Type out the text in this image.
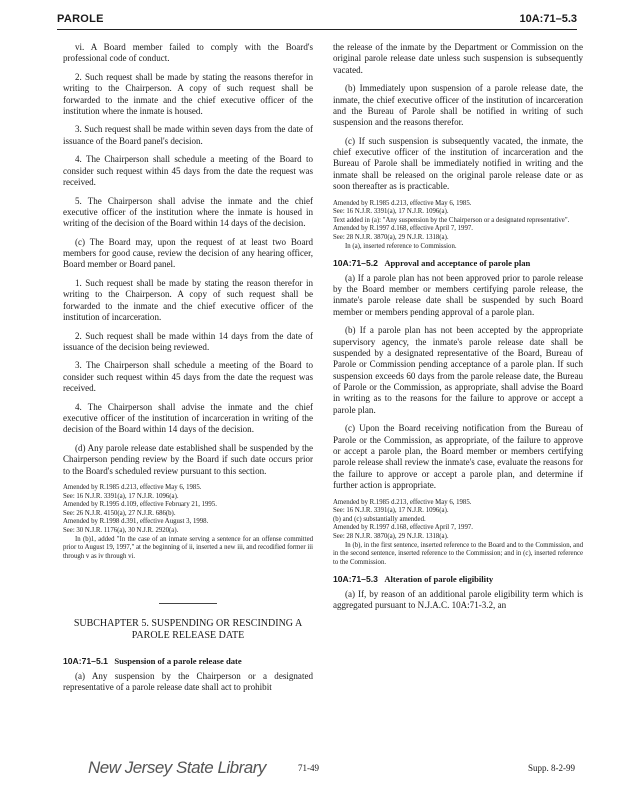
PAROLE	10A:71–5.3

vi. A Board member failed to comply with the Board's professional code of conduct.

2. Such request shall be made by stating the reasons therefor in writing to the Chairperson. A copy of such request shall be forwarded to the inmate and the chief executive officer of the institution where the inmate is housed.

3. Such request shall be made within seven days from the date of issuance of the Board panel's decision.

4. The Chairperson shall schedule a meeting of the Board to consider such request within 45 days from the date the request was received.

5. The Chairperson shall advise the inmate and the chief executive officer of the institution where the inmate is housed in writing of the decision of the Board within 14 days of the decision.

(c) The Board may, upon the request of at least two Board members for good cause, review the decision of any hearing officer, Board member or Board panel.

1. Such request shall be made by stating the reason therefor in writing to the Chairperson. A copy of such request shall be forwarded to the inmate and the chief executive officer of the institution of incarceration.

2. Such request shall be made within 14 days from the date of issuance of the decision being reviewed.

3. The Chairperson shall schedule a meeting of the Board to consider such request within 45 days from the date the request was received.

4. The Chairperson shall advise the inmate and the chief executive officer of the institution of incarceration in writing of the decision of the Board within 14 days of the decision.

(d) Any parole release date established shall be suspended by the Chairperson pending review by the Board if such date occurs prior to the Board's scheduled review pursuant to this section.

Amended by R.1985 d.213, effective May 6, 1985.

See: 16 N.J.R. 3391(a), 17 N.J.R. 1096(a).

Amended by R.1995 d.109, effective February 21, 1995.

See: 26 N.J.R. 4150(a), 27 N.J.R. 686(b).

Amended by R.1998 d.391, effective August 3, 1998.

See: 30 N.J.R. 1176(a), 30 N.J.R. 2920(a).

In (b)1, added "In the case of an inmate serving a sentence for an offense committed prior to August 19, 1997," at the beginning of ii, inserted a new iii, and recodified former iii through v as iv through vi.

SUBCHAPTER 5. SUSPENDING OR RESCINDING A PAROLE RELEASE DATE

10A:71–5.1 Suspension of a parole release date

(a) Any suspension by the Chairperson or a designated representative of a parole release date shall act to prohibit

the release of the inmate by the Department or Commission on the original parole release date unless such suspension is subsequently vacated.

(b) Immediately upon suspension of a parole release date, the inmate, the chief executive officer of the institution of incarceration and the Bureau of Parole shall be notified in writing of such suspension and the reasons therefor.

(c) If such suspension is subsequently vacated, the inmate, the chief executive officer of the institution of incarceration and the Bureau of Parole shall be immediately notified in writing and the inmate shall be released on the original parole release date or as soon thereafter as is practicable.

Amended by R.1985 d.213, effective May 6, 1985.

See: 16 N.J.R. 3391(a), 17 N.J.R. 1096(a).

Text added in (a): "Any suspension by the Chairperson or a designated representative".

Amended by R.1997 d.168, effective April 7, 1997.

See: 28 N.J.R. 3870(a), 29 N.J.R. 1318(a).

In (a), inserted reference to Commission.

10A:71–5.2 Approval and acceptance of parole plan

(a) If a parole plan has not been approved prior to parole release by the Board member or members certifying parole release, the inmate's parole release date shall be suspended by such Board member or members pending approval of a parole plan.

(b) If a parole plan has not been accepted by the appropriate supervisory agency, the inmate's parole release date shall be suspended by a designated representative of the Board, Bureau of Parole or Commission pending acceptance of a parole plan. If such suspension exceeds 60 days from the parole release date, the Bureau of Parole or the Commission, as appropriate, shall advise the Board in writing as to the reasons for the failure to approve or accept a parole plan.

(c) Upon the Board receiving notification from the Bureau of Parole or the Commission, as appropriate, of the failure to approve or accept a parole plan, the Board member or members certifying parole release shall review the inmate's case, evaluate the reasons for the failure to approve or accept a parole plan, and determine if further action is appropriate.

Amended by R.1985 d.213, effective May 6, 1985.

See: 16 N.J.R. 3391(a), 17 N.J.R. 1096(a).

(b) and (c) substantially amended.

Amended by R.1997 d.168, effective April 7, 1997.

See: 28 N.J.R. 3870(a), 29 N.J.R. 1318(a).

In (b), in the first sentence, inserted reference to the Board and to the Commission, and in the second sentence, inserted reference to the Commission; and in (c), inserted reference to the Commission.

10A:71–5.3 Alteration of parole eligibility

(a) If, by reason of an additional parole eligibility term which is aggregated pursuant to N.J.A.C. 10A:71-3.2, an

New Jersey State Library	71-49	Supp. 8-2-99
